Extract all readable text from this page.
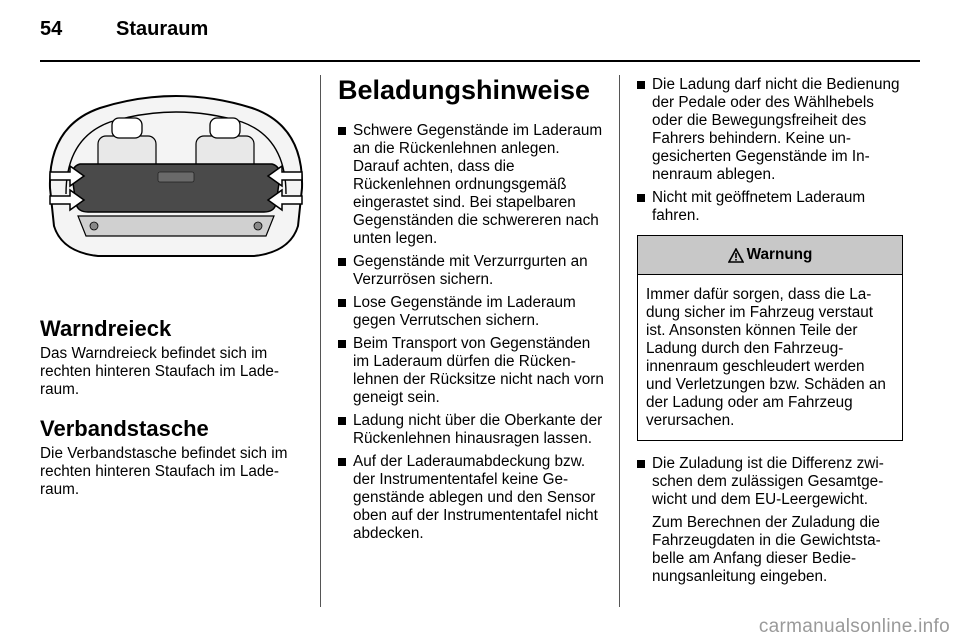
54	Stauraum
Warndreieck

Das Warndreieck befindet sich im rechten hinteren Staufach im Laderaum.

Verbandstasche

Die Verbandstasche befindet sich im rechten hinteren Staufach im Laderaum.

Beladungshinweise
Schwere Gegenstände im Laderaum an die Rückenlehnen anlegen. Darauf achten, dass die Rückenlehnen ordnungsgemäß eingerastet sind. Bei stapelbaren Gegenständen die schwereren nach unten legen.
Gegenstände mit Verzurrgurten an Verzurrösen sichern.
Lose Gegenstände im Laderaum gegen Verrutschen sichern.
Beim Transport von Gegenständen im Laderaum dürfen die Rückenlehnen der Rücksitze nicht nach vorn geneigt sein.
Ladung nicht über die Oberkante der Rückenlehnen hinausragen lassen.
Auf der Laderaumabdeckung bzw. der Instrumententafel keine Gegenstände ablegen und den Sensor oben auf der Instrumententafel nicht abdecken.
Die Ladung darf nicht die Bedienung der Pedale oder des Wählhebels oder die Bewegungsfreiheit des Fahrers behindern. Keine ungesicherten Gegenstände im Innenraum ablegen.
Nicht mit geöffnetem Laderaum fahren.
Warnung
Immer dafür sorgen, dass die Ladung sicher im Fahrzeug verstaut ist. Ansonsten können Teile der Ladung durch den Fahrzeuginnenraum geschleudert werden und Verletzungen bzw. Schäden an der Ladung oder am Fahrzeug verursachen.
Die Zuladung ist die Differenz zwischen dem zulässigen Gesamtgewicht und dem EU-Leergewicht.
Zum Berechnen der Zuladung die Fahrzeugdaten in die Gewichtstabelle am Anfang dieser Bedienungsanleitung eingeben.
carmanualsonline.info
